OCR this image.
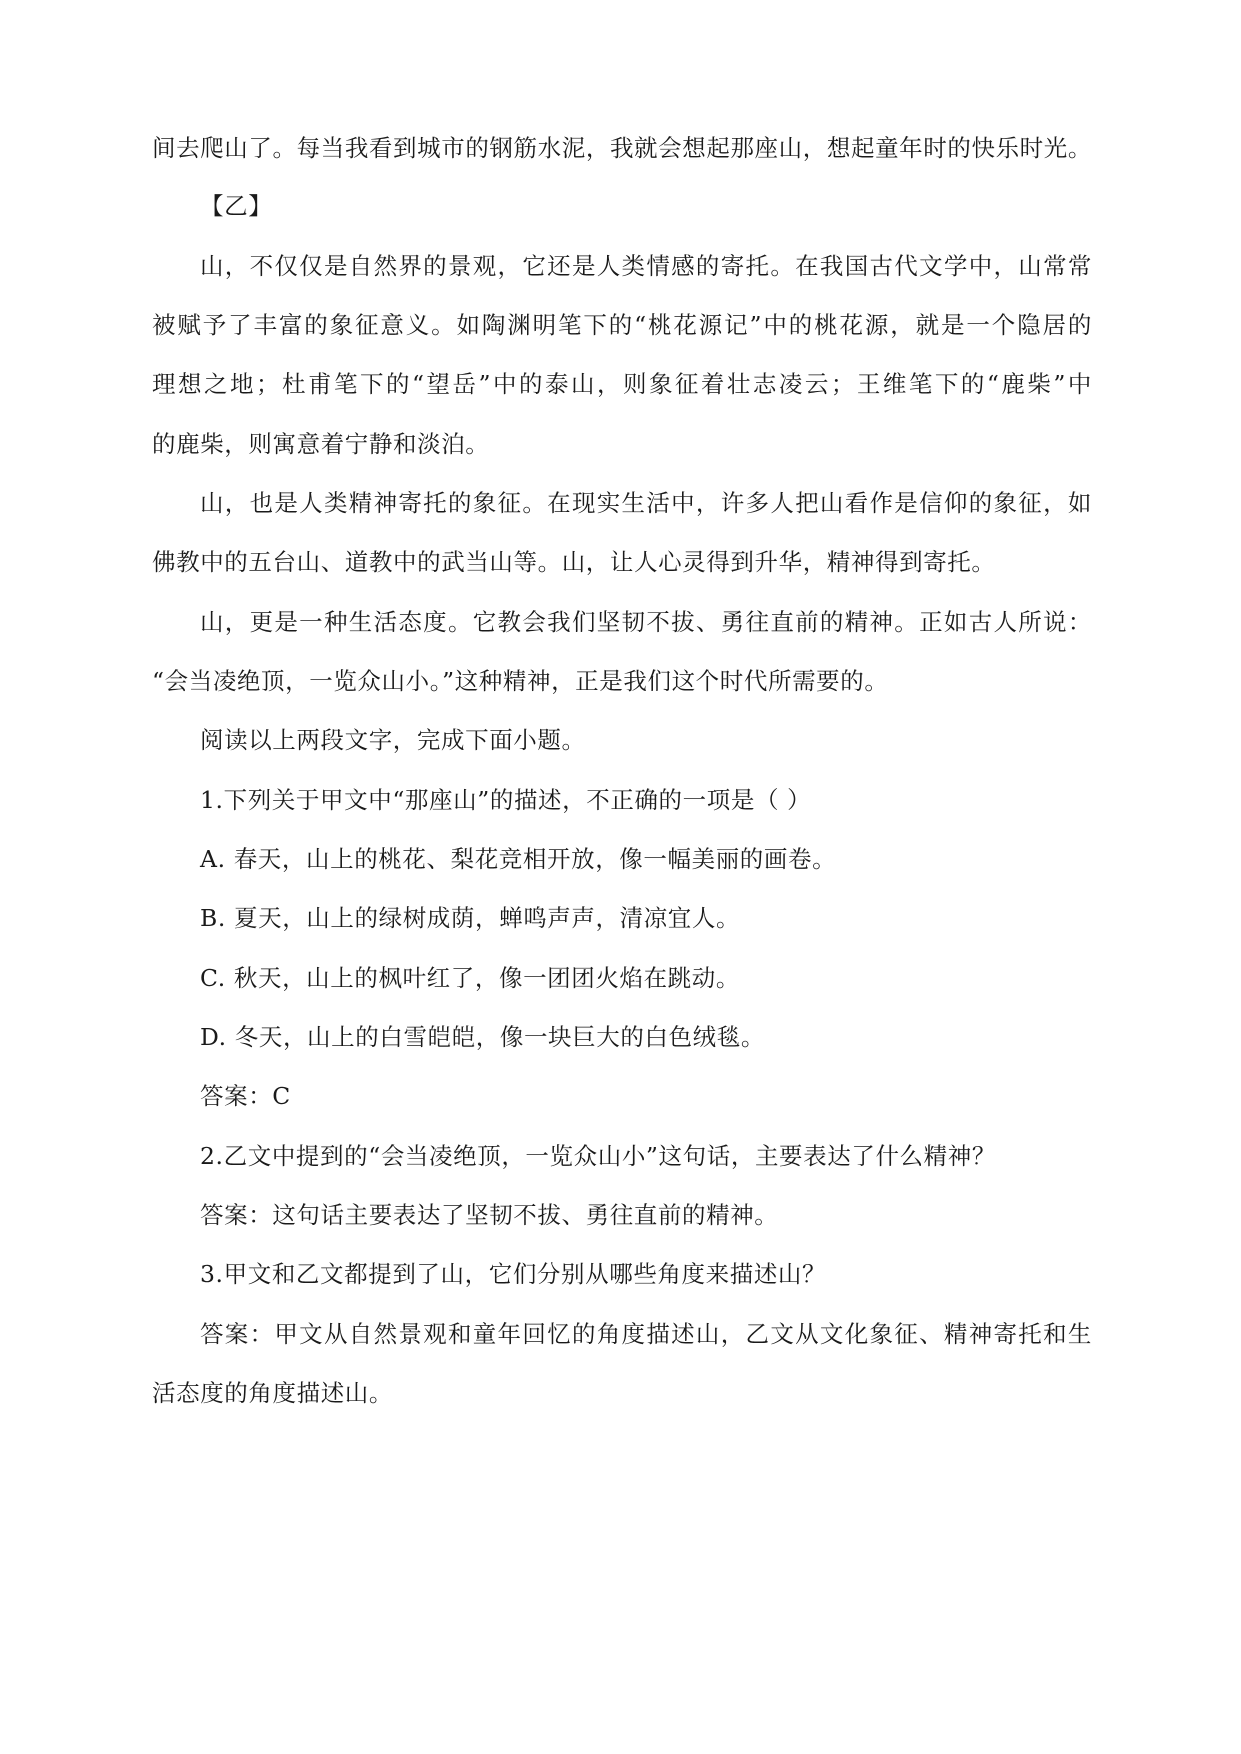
间去爬山了。每当我看到城市的钢筋水泥，我就会想起那座山，想起童年时的快乐时光。
【乙】
山，不仅仅是自然界的景观，它还是人类情感的寄托。在我国古代文学中，山常常
被赋予了丰富的象征意义。如陶渊明笔下的“桃花源记”中的桃花源，就是一个隐居的
理想之地；杜甫笔下的“望岳”中的泰山，则象征着壮志凌云；王维笔下的“鹿柴”中
的鹿柴，则寓意着宁静和淡泊。
山，也是人类精神寄托的象征。在现实生活中，许多人把山看作是信仰的象征，如
佛教中的五台山、道教中的武当山等。山，让人心灵得到升华，精神得到寄托。
山，更是一种生活态度。它教会我们坚韧不拔、勇往直前的精神。正如古人所说：
“会当凌绝顶，一览众山小。”这种精神，正是我们这个时代所需要的。
阅读以上两段文字，完成下面小题。
1.下列关于甲文中“那座山”的描述，不正确的一项是（ ）
A. 春天，山上的桃花、梨花竞相开放，像一幅美丽的画卷。
B. 夏天，山上的绿树成荫，蝉鸣声声，清凉宜人。
C. 秋天，山上的枫叶红了，像一团团火焰在跳动。
D. 冬天，山上的白雪皑皑，像一块巨大的白色绒毯。
答案：C
2.乙文中提到的“会当凌绝顶，一览众山小”这句话，主要表达了什么精神？
答案：这句话主要表达了坚韧不拔、勇往直前的精神。
3.甲文和乙文都提到了山，它们分别从哪些角度来描述山？
答案：甲文从自然景观和童年回忆的角度描述山，乙文从文化象征、精神寄托和生
活态度的角度描述山。
